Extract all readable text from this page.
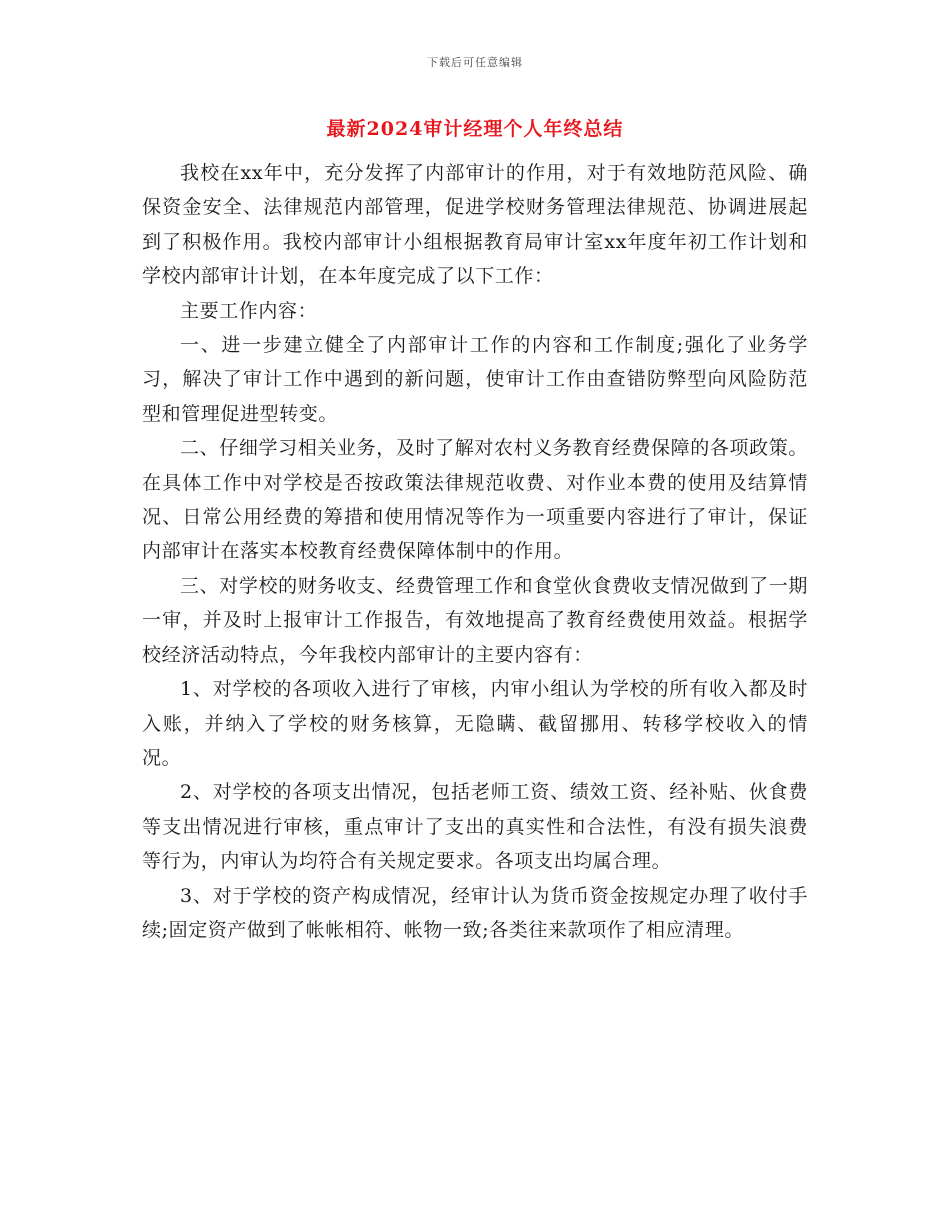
下载后可任意编辑
最新2024审计经理个人年终总结

我校在xx年中，充分发挥了内部审计的作用，对于有效地防范风险、确保资金安全、法律规范内部管理，促进学校财务管理法律规范、协调进展起到了积极作用。我校内部审计小组根据教育局审计室xx年度年初工作计划和学校内部审计计划，在本年度完成了以下工作：

主要工作内容：

一、进一步建立健全了内部审计工作的内容和工作制度;强化了业务学习，解决了审计工作中遇到的新问题，使审计工作由查错防弊型向风险防范型和管理促进型转变。

二、仔细学习相关业务，及时了解对农村义务教育经费保障的各项政策。在具体工作中对学校是否按政策法律规范收费、对作业本费的使用及结算情况、日常公用经费的筹措和使用情况等作为一项重要内容进行了审计，保证内部审计在落实本校教育经费保障体制中的作用。

三、对学校的财务收支、经费管理工作和食堂伙食费收支情况做到了一期一审，并及时上报审计工作报告，有效地提高了教育经费使用效益。根据学校经济活动特点，今年我校内部审计的主要内容有：

1、对学校的各项收入进行了审核，内审小组认为学校的所有收入都及时入账，并纳入了学校的财务核算，无隐瞒、截留挪用、转移学校收入的情况。

2、对学校的各项支出情况，包括老师工资、绩效工资、经补贴、伙食费等支出情况进行审核，重点审计了支出的真实性和合法性，有没有损失浪费等行为，内审认为均符合有关规定要求。各项支出均属合理。

3、对于学校的资产构成情况，经审计认为货币资金按规定办理了收付手续;固定资产做到了帐帐相符、帐物一致;各类往来款项作了相应清理。
